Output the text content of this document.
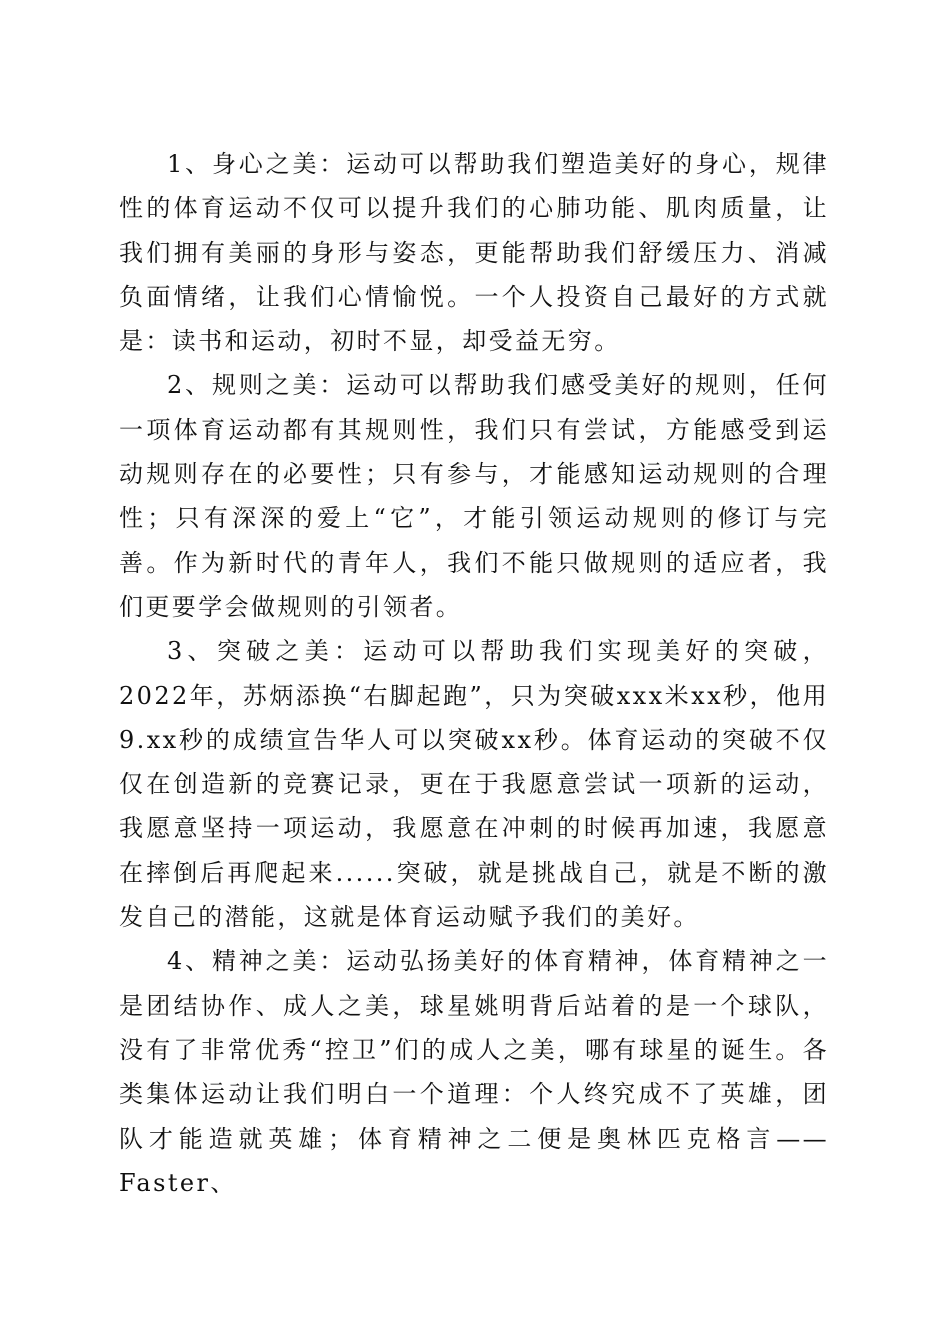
1、身心之美：运动可以帮助我们塑造美好的身心，规律性的体育运动不仅可以提升我们的心肺功能、肌肉质量，让我们拥有美丽的身形与姿态，更能帮助我们舒缓压力、消减负面情绪，让我们心情愉悦。一个人投资自己最好的方式就是：读书和运动，初时不显，却受益无穷。

2、规则之美：运动可以帮助我们感受美好的规则，任何一项体育运动都有其规则性，我们只有尝试，方能感受到运动规则存在的必要性；只有参与，才能感知运动规则的合理性；只有深深的爱上“它”，才能引领运动规则的修订与完善。作为新时代的青年人，我们不能只做规则的适应者，我们更要学会做规则的引领者。

3、突破之美：运动可以帮助我们实现美好的突破，2022年，苏炳添换“右脚起跑”，只为突破xxx米xx秒，他用9.xx秒的成绩宣告华人可以突破xx秒。体育运动的突破不仅仅在创造新的竞赛记录，更在于我愿意尝试一项新的运动，我愿意坚持一项运动，我愿意在冲刺的时候再加速，我愿意在摔倒后再爬起来......突破，就是挑战自己，就是不断的激发自己的潜能，这就是体育运动赋予我们的美好。

4、精神之美：运动弘扬美好的体育精神，体育精神之一是团结协作、成人之美，球星姚明背后站着的是一个球队，没有了非常优秀“控卫”们的成人之美，哪有球星的诞生。各类集体运动让我们明白一个道理：个人终究成不了英雄，团队才能造就英雄；体育精神之二便是奥林匹克格言——Faster、
